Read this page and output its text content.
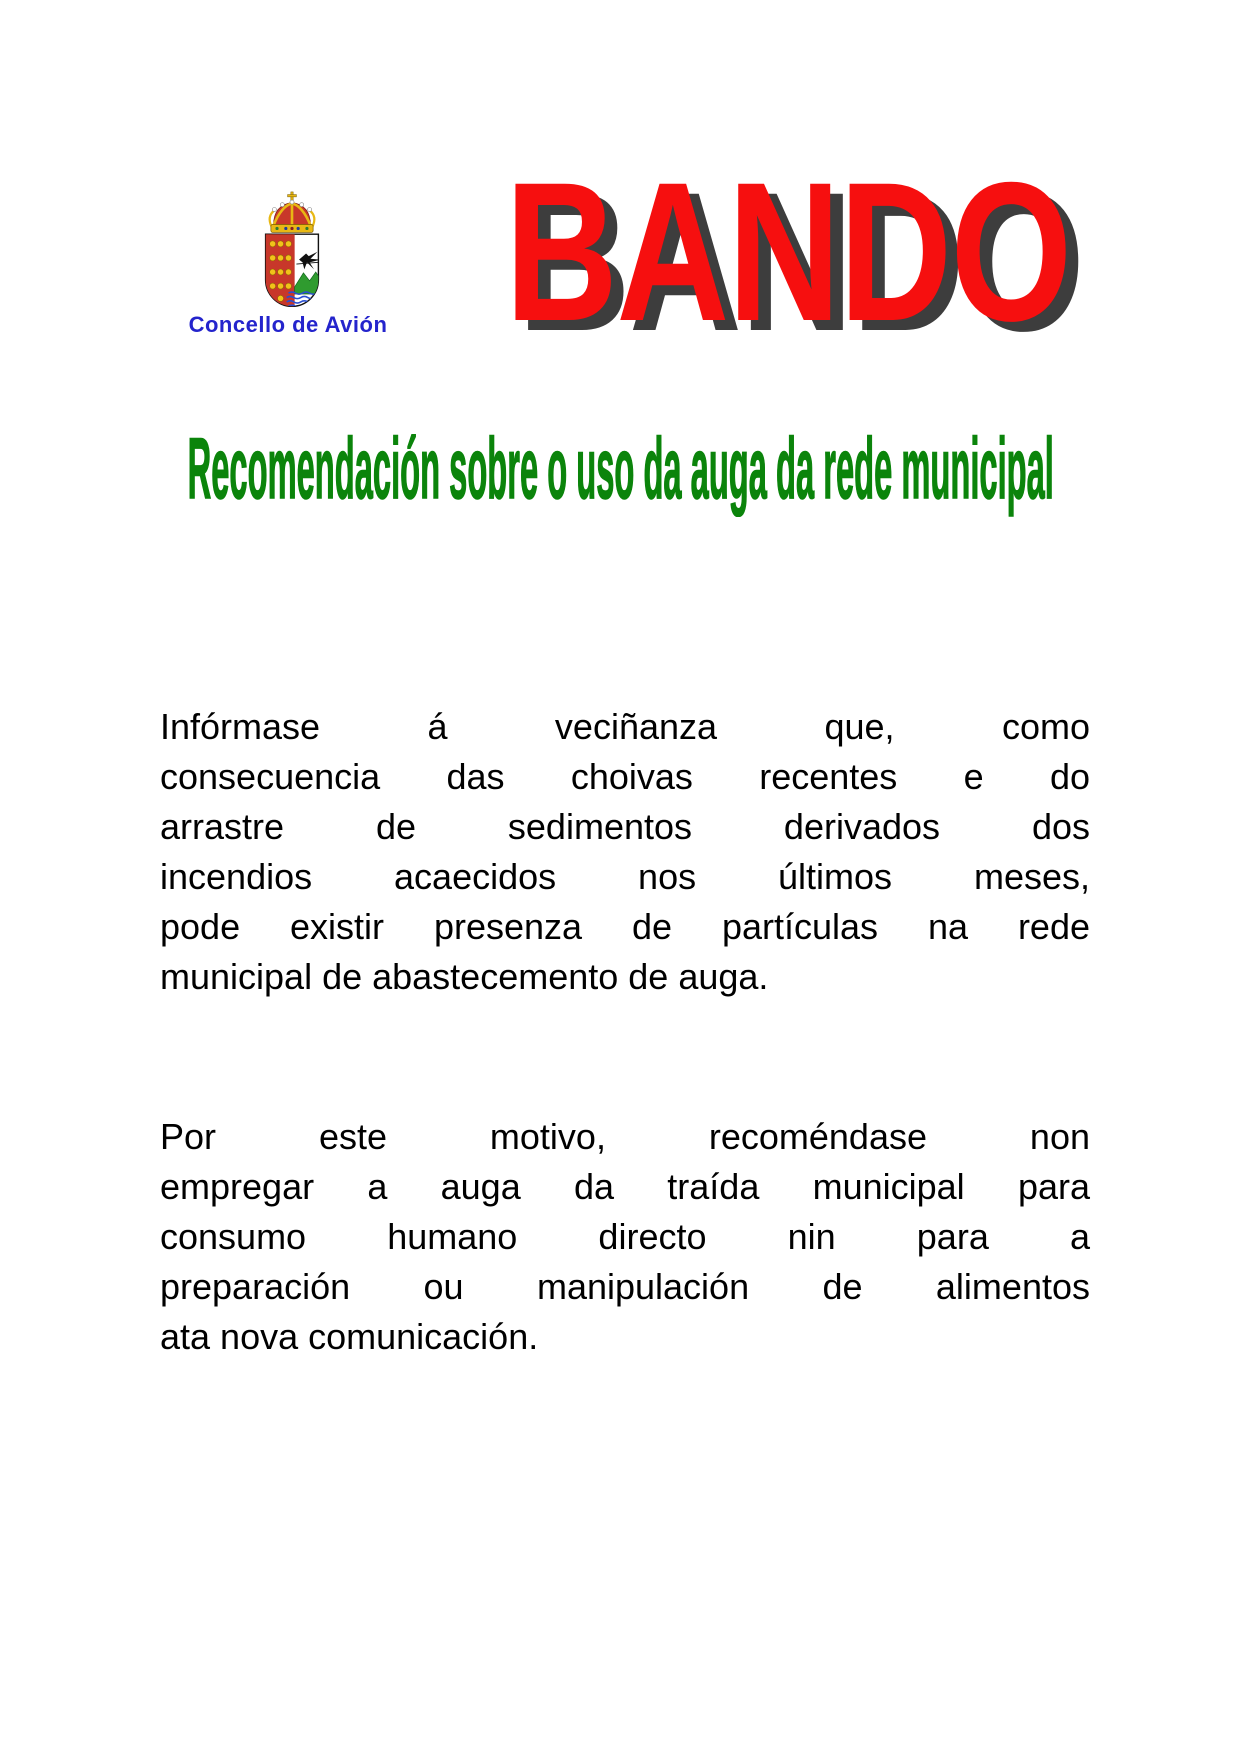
Concello de Avión BANDO
Recomendación sobre o uso da auga da rede municipal
Infórmase á veciñanza que, como
consecuencia das choivas recentes e do
arrastre de sedimentos derivados dos
incendios acaecidos nos últimos meses,
pode existir presenza de partículas na rede
municipal de abastecemento de auga.
Por este motivo, recoméndase non
empregar a auga da traída municipal para
consumo humano directo nin para a
preparación ou manipulación de alimentos
ata nova comunicación.
